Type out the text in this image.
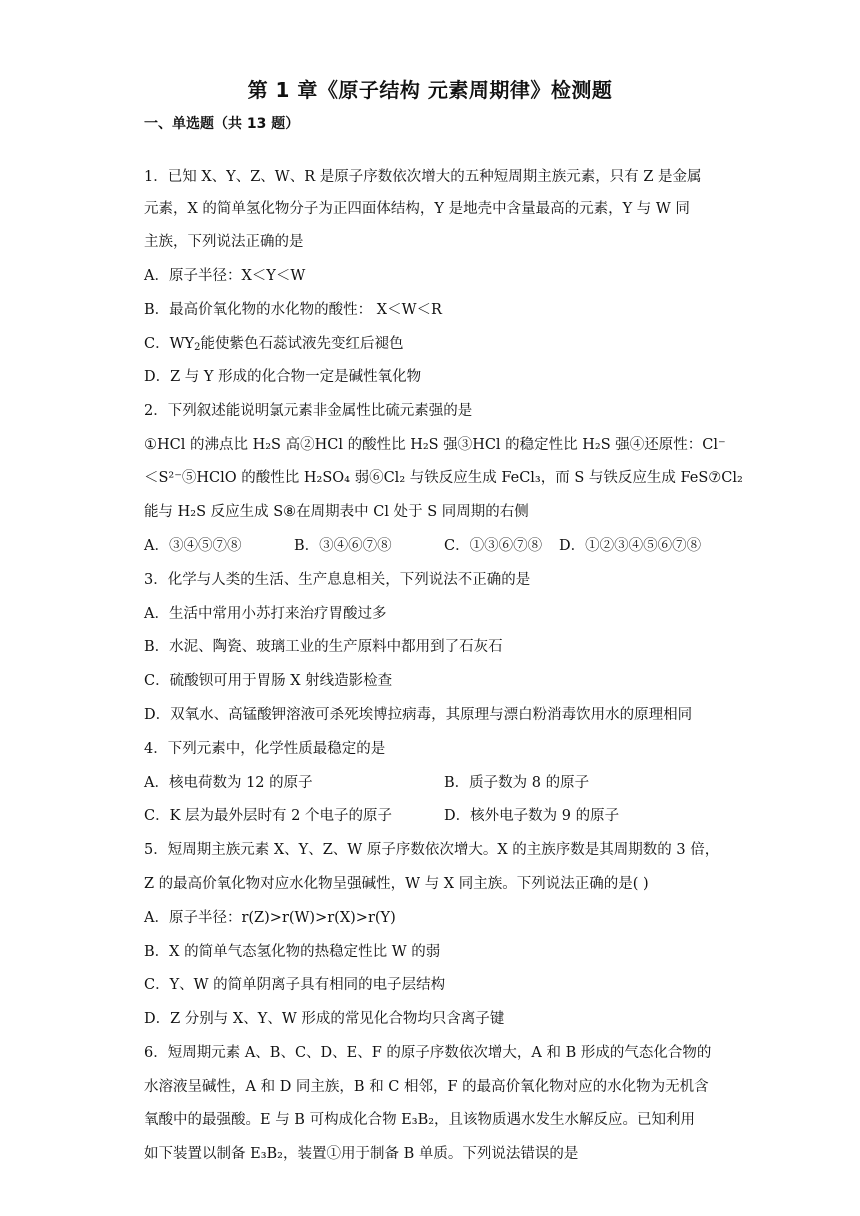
第 1 章《原子结构 元素周期律》检测题
一、单选题（共 13 题）
1．已知 X、Y、Z、W、R 是原子序数依次增大的五种短周期主族元素，只有 Z 是金属
元素，X 的简单氢化物分子为正四面体结构，Y 是地壳中含量最高的元素，Y 与 W 同
主族，下列说法正确的是
A．原子半径：X＜Y＜W
B．最高价氧化物的水化物的酸性： X＜W＜R
C．$WY_2$能使紫色石蕊试液先变红后褪色
D．Z 与 Y 形成的化合物一定是碱性氧化物
2．下列叙述能说明氯元素非金属性比硫元素强的是
①HCl 的沸点比 H₂S 高②HCl 的酸性比 H₂S 强③HCl 的稳定性比 H₂S 强④还原性：Cl⁻
＜S²⁻⑤HClO 的酸性比 H₂SO₄ 弱⑥Cl₂ 与铁反应生成 FeCl₃，而 S 与铁反应生成 FeS⑦Cl₂
能与 H₂S 反应生成 S⑧在周期表中 Cl 处于 S 同周期的右侧
A．③④⑤⑦⑧	B．③④⑥⑦⑧	C．①③⑥⑦⑧ D．①②③④⑤⑥⑦⑧
3．化学与人类的生活、生产息息相关，下列说法不正确的是
A．生活中常用小苏打来治疗胃酸过多
B．水泥、陶瓷、玻璃工业的生产原料中都用到了石灰石
C．硫酸钡可用于胃肠 X 射线造影检查
D．双氧水、高锰酸钾溶液可杀死埃博拉病毒，其原理与漂白粉消毒饮用水的原理相同
4．下列元素中，化学性质最稳定的是
A．核电荷数为 12 的原子	B．质子数为 8 的原子
C．K 层为最外层时有 2 个电子的原子	D．核外电子数为 9 的原子
5．短周期主族元素 X、Y、Z、W 原子序数依次增大。X 的主族序数是其周期数的 3 倍，
Z 的最高价氧化物对应水化物呈强碱性，W 与 X 同主族。下列说法正确的是( )
A．原子半径：r(Z)>r(W)>r(X)>r(Y)
B．X 的简单气态氢化物的热稳定性比 W 的弱
C．Y、W 的简单阴离子具有相同的电子层结构
D．Z 分别与 X、Y、W 形成的常见化合物均只含离子键
6．短周期元素 A、B、C、D、E、F 的原子序数依次增大，A 和 B 形成的气态化合物的
水溶液呈碱性，A 和 D 同主族，B 和 C 相邻，F 的最高价氧化物对应的水化物为无机含
氧酸中的最强酸。E 与 B 可构成化合物 E₃B₂，且该物质遇水发生水解反应。已知利用
如下装置以制备 E₃B₂，装置①用于制备 B 单质。下列说法错误的是
